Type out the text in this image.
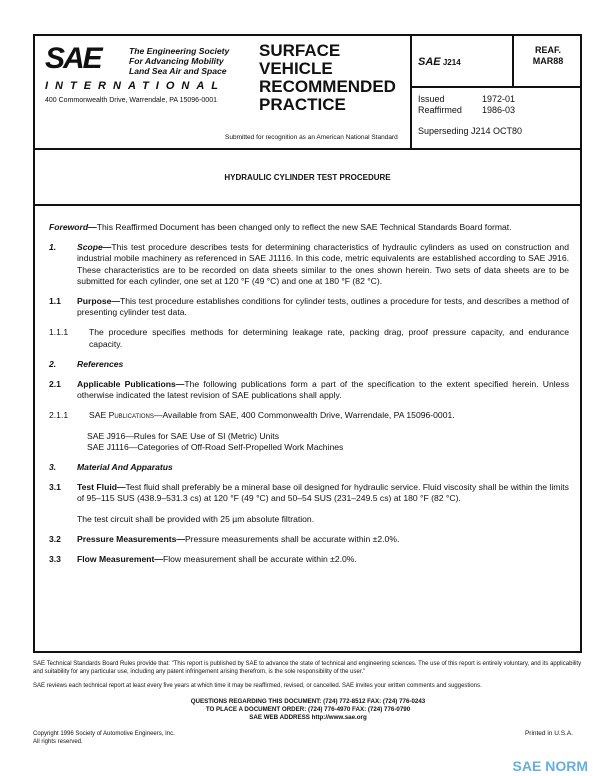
SAE	The Engineering Society
For Advancing Mobility
Land Sea Air and Space
INTERNATIONAL
400 Commonwealth Drive, Warrendale, PA 15096-0001
SURFACE
VEHICLE
RECOMMENDED
PRACTICE
Submitted for recognition as an American National Standard
SAE J214
REAF.
MAR88
Issued	1972-01
Reaffirmed 1986-03
Superseding J214 OCT80
HYDRAULIC CYLINDER TEST PROCEDURE
Foreword—This Reaffirmed Document has been changed only to reflect the new SAE Technical Standards Board format.
1.	Scope—This test procedure describes tests for determining characteristics of hydraulic cylinders as used on construction and industrial mobile machinery as referenced in SAE J1116. In this code, metric equivalents are established according to SAE J916. These characteristics are to be recorded on data sheets similar to the ones shown herein. Two sets of data sheets are to be submitted for each cylinder, one set at 120 °F (49 °C) and one at 180 °F (82 °C).
1.1	Purpose—This test procedure establishes conditions for cylinder tests, outlines a procedure for tests, and describes a method of presenting cylinder test data.
1.1.1	The procedure specifies methods for determining leakage rate, packing drag, proof pressure capacity, and endurance capacity.
2.	References
2.1	Applicable Publications—The following publications form a part of the specification to the extent specified herein. Unless otherwise indicated the latest revision of SAE publications shall apply.
2.1.1	SAE Publications—Available from SAE, 400 Commonwealth Drive, Warrendale, PA 15096-0001.
SAE J916—Rules for SAE Use of SI (Metric) Units
SAE J1116—Categories of Off-Road Self-Propelled Work Machines
3.	Material And Apparatus
3.1	Test Fluid—Test fluid shall preferably be a mineral base oil designed for hydraulic service. Fluid viscosity shall be within the limits of 95–115 SUS (438.9–531.3 cs) at 120 °F (49 °C) and 50–54 SUS (231–249.5 cs) at 180 °F (82 °C).
The test circuit shall be provided with 25 µm absolute filtration.
3.2	Pressure Measurements—Pressure measurements shall be accurate within ±2.0%.
3.3	Flow Measurement—Flow measurement shall be accurate within ±2.0%.
SAE Technical Standards Board Rules provide that: "This report is published by SAE to advance the state of technical and engineering sciences. The use of this report is entirely voluntary, and its applicability and suitability for any particular use, including any patent infringement arising therefrom, is the sole responsibility of the user."
SAE reviews each technical report at least every five years at which time it may be reaffirmed, revised, or cancelled. SAE invites your written comments and suggestions.
QUESTIONS REGARDING THIS DOCUMENT: (724) 772-8512 FAX: (724) 776-0243
TO PLACE A DOCUMENT ORDER: (724) 776-4970 FAX: (724) 776-0790
SAE WEB ADDRESS http://www.sae.org
Copyright 1996 Society of Automotive Engineers, Inc.
All rights reserved.
Printed in U.S.A.
SAE NORM
